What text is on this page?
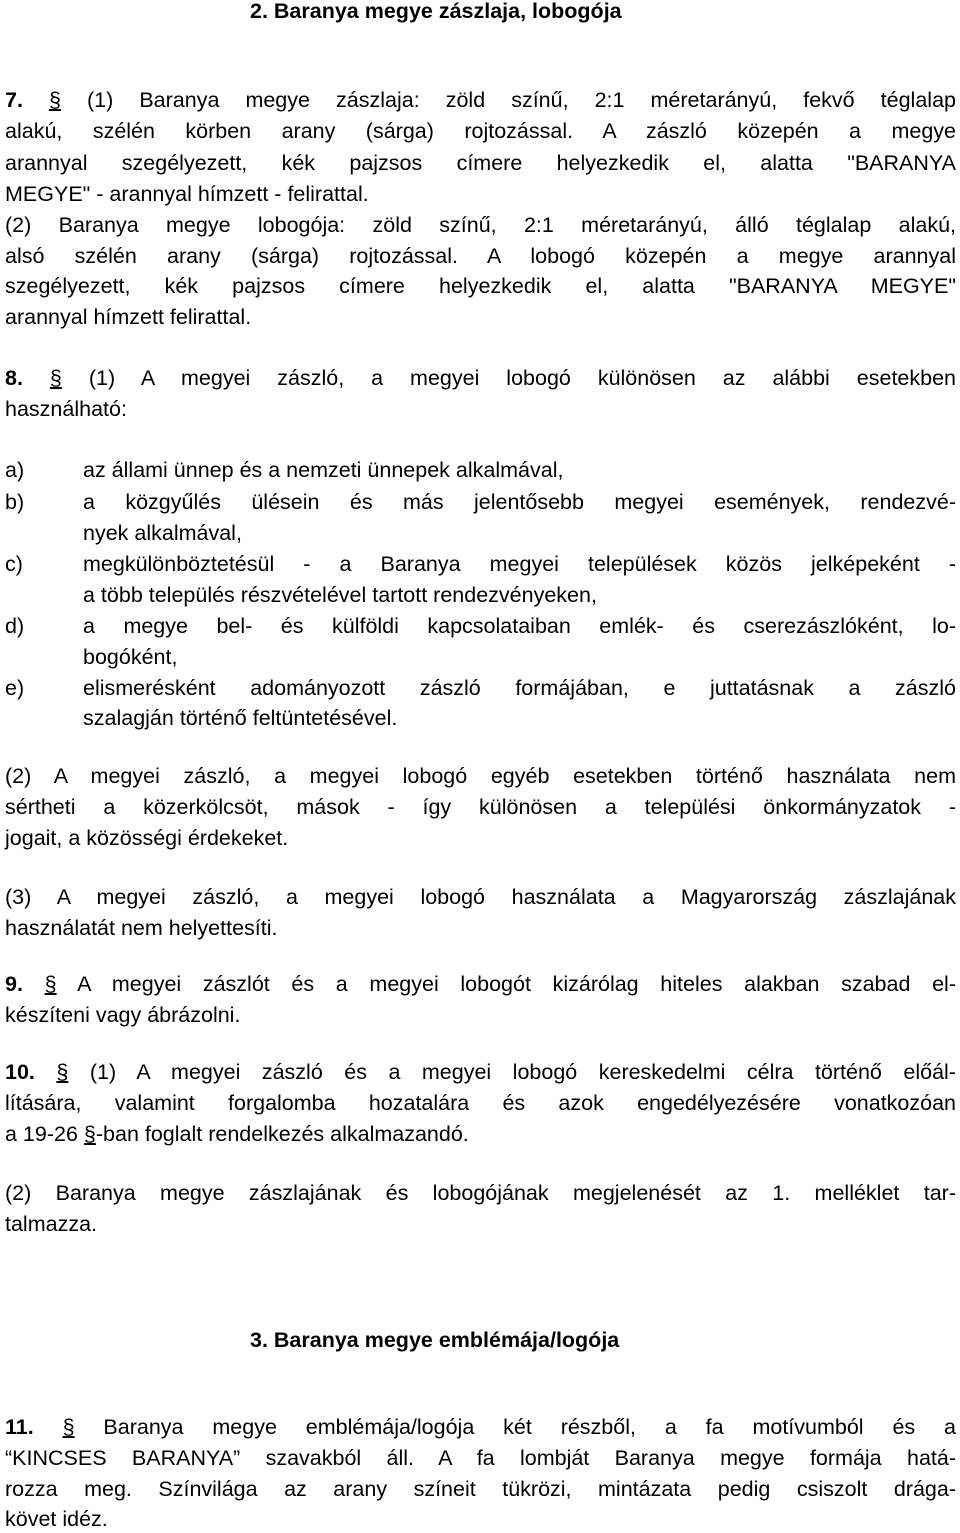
2. Baranya megye zászlaja, lobogója
7. § (1) Baranya megye zászlaja: zöld színű, 2:1 méretarányú, fekvő téglalap
alakú, szélén körben arany (sárga) rojtozással. A zászló közepén a megye
arannyal szegélyezett, kék pajzsos címere helyezkedik el, alatta "BARANYA
MEGYE" - arannyal hímzett - felirattal.
(2) Baranya megye lobogója: zöld színű, 2:1 méretarányú, álló téglalap alakú,
alsó szélén arany (sárga) rojtozással. A lobogó közepén a megye arannyal
szegélyezett, kék pajzsos címere helyezkedik el, alatta "BARANYA MEGYE"
arannyal hímzett felirattal.
8. § (1) A megyei zászló, a megyei lobogó különösen az alábbi esetekben
használható:
a)	az állami ünnep és a nemzeti ünnepek alkalmával,
b)	a közgyűlés ülésein és más jelentősebb megyei események, rendezvé-
nyek alkalmával,
c)	megkülönböztetésül - a Baranya megyei települések közös jelképeként -
a több település részvételével tartott rendezvényeken,
d)	a megye bel- és külföldi kapcsolataiban emlék- és cserezászlóként, lo-
bogóként,
e)	elismerésként adományozott zászló formájában, e juttatásnak a zászló
szalagján történő feltüntetésével.
(2) A megyei zászló, a megyei lobogó egyéb esetekben történő használata nem
sértheti a közerkölcsöt, mások - így különösen a települési önkormányzatok -
jogait, a közösségi érdekeket.
(3) A megyei zászló, a megyei lobogó használata a Magyarország zászlajának
használatát nem helyettesíti.
9. § A megyei zászlót és a megyei lobogót kizárólag hiteles alakban szabad el-
készíteni vagy ábrázolni.
10. § (1) A megyei zászló és a megyei lobogó kereskedelmi célra történő előál-
lítására, valamint forgalomba hozatalára és azok engedélyezésére vonatkozóan
a 19-26 §-ban foglalt rendelkezés alkalmazandó.
(2) Baranya megye zászlajának és lobogójának megjelenését az 1. melléklet tar-
talmazza.
3. Baranya megye emblémája/logója
11. § Baranya megye emblémája/logója két részből, a fa motívumból és a
“KINCSES BARANYA” szavakból áll. A fa lombját Baranya megye formája hatá-
rozza meg. Színvilága az arany színeit tükrözi, mintázata pedig csiszolt drága-
követ idéz.
